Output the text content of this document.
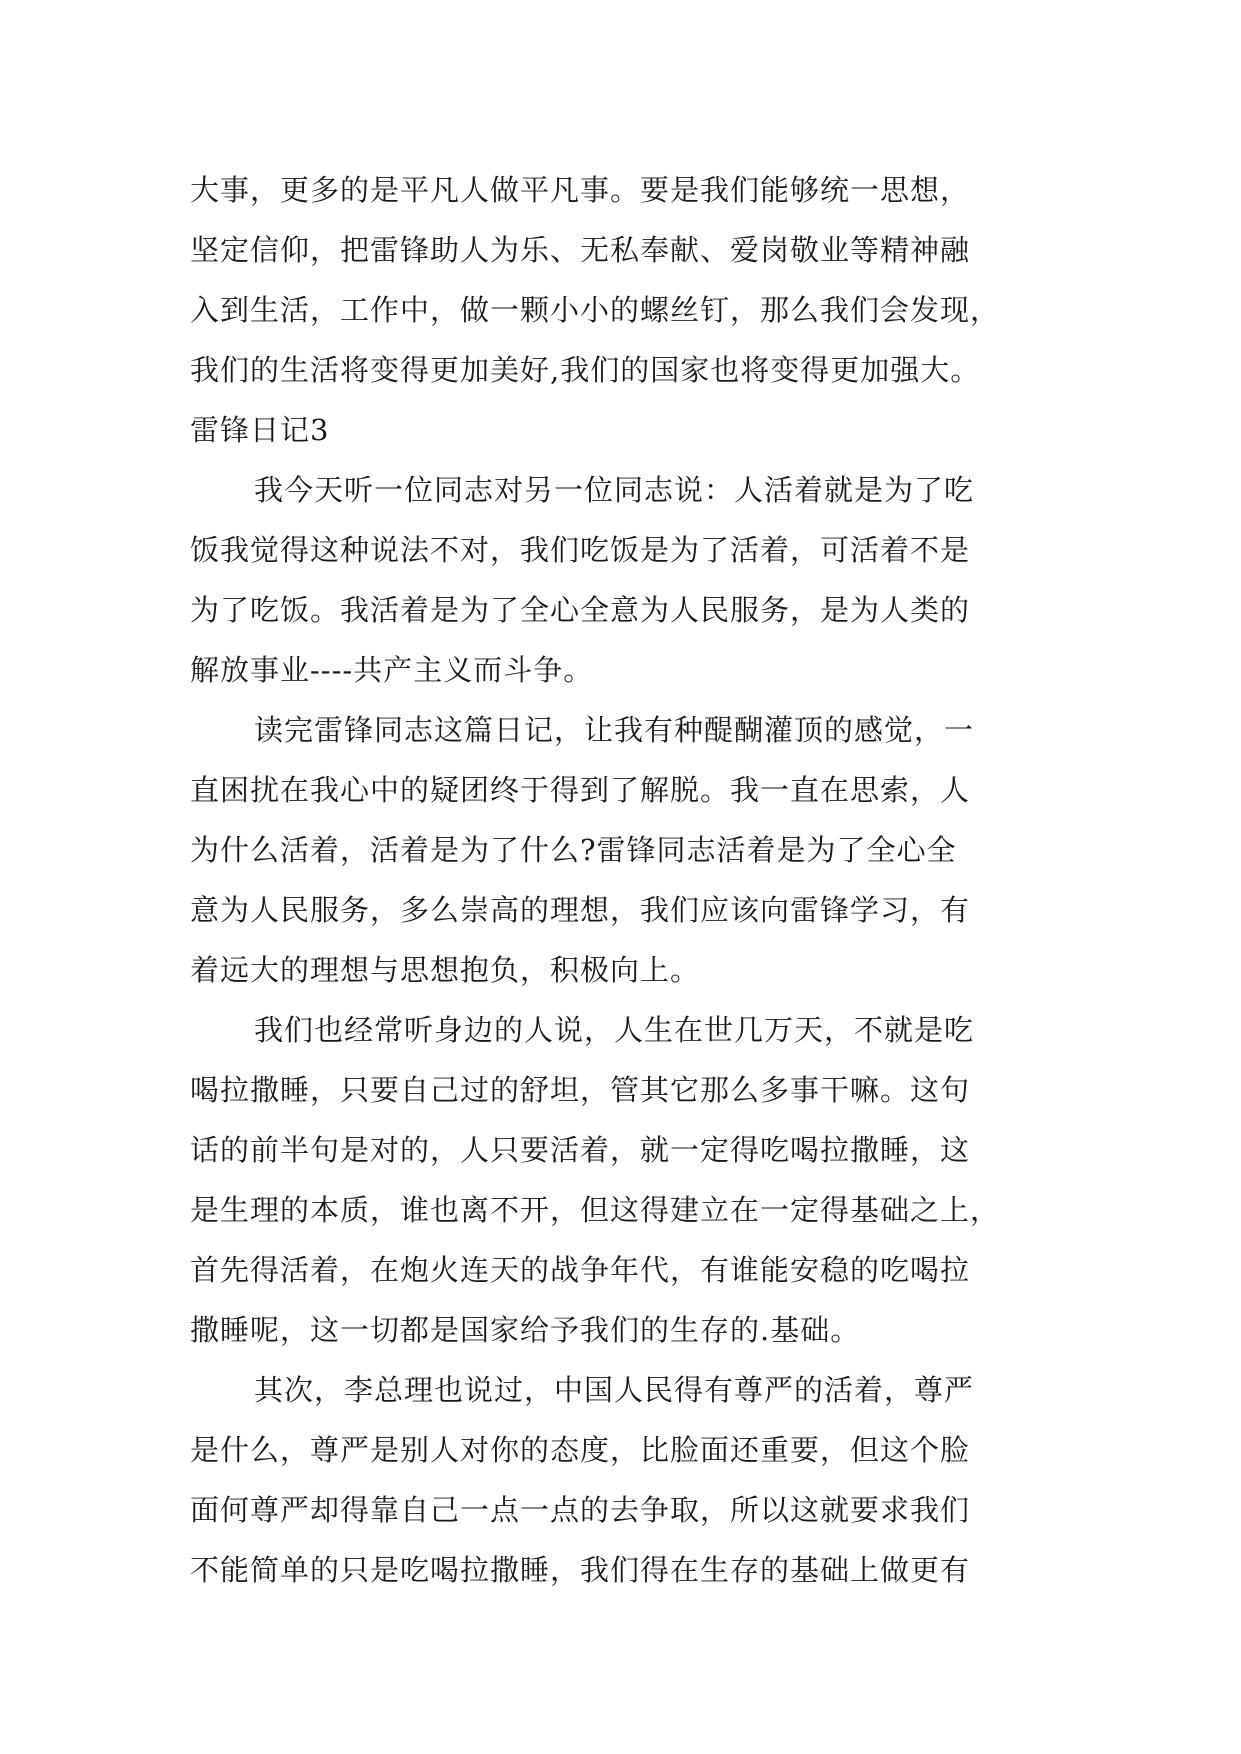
大事，更多的是平凡人做平凡事。要是我们能够统一思想，
坚定信仰，把雷锋助人为乐、无私奉献、爱岗敬业等精神融
入到生活，工作中，做一颗小小的螺丝钉，那么我们会发现，
我们的生活将变得更加美好,我们的国家也将变得更加强大。

雷锋日记3

我今天听一位同志对另一位同志说：人活着就是为了吃
饭我觉得这种说法不对，我们吃饭是为了活着，可活着不是
为了吃饭。我活着是为了全心全意为人民服务，是为人类的
解放事业----共产主义而斗争。

读完雷锋同志这篇日记，让我有种醍醐灌顶的感觉，一
直困扰在我心中的疑团终于得到了解脱。我一直在思索，人
为什么活着，活着是为了什么?雷锋同志活着是为了全心全
意为人民服务，多么崇高的理想，我们应该向雷锋学习，有
着远大的理想与思想抱负，积极向上。

我们也经常听身边的人说，人生在世几万天，不就是吃
喝拉撒睡，只要自己过的舒坦，管其它那么多事干嘛。这句
话的前半句是对的，人只要活着，就一定得吃喝拉撒睡，这
是生理的本质，谁也离不开，但这得建立在一定得基础之上，
首先得活着，在炮火连天的战争年代，有谁能安稳的吃喝拉
撒睡呢，这一切都是国家给予我们的生存的.基础。

其次，李总理也说过，中国人民得有尊严的活着，尊严
是什么，尊严是别人对你的态度，比脸面还重要，但这个脸
面何尊严却得靠自己一点一点的去争取，所以这就要求我们
不能简单的只是吃喝拉撒睡，我们得在生存的基础上做更有
